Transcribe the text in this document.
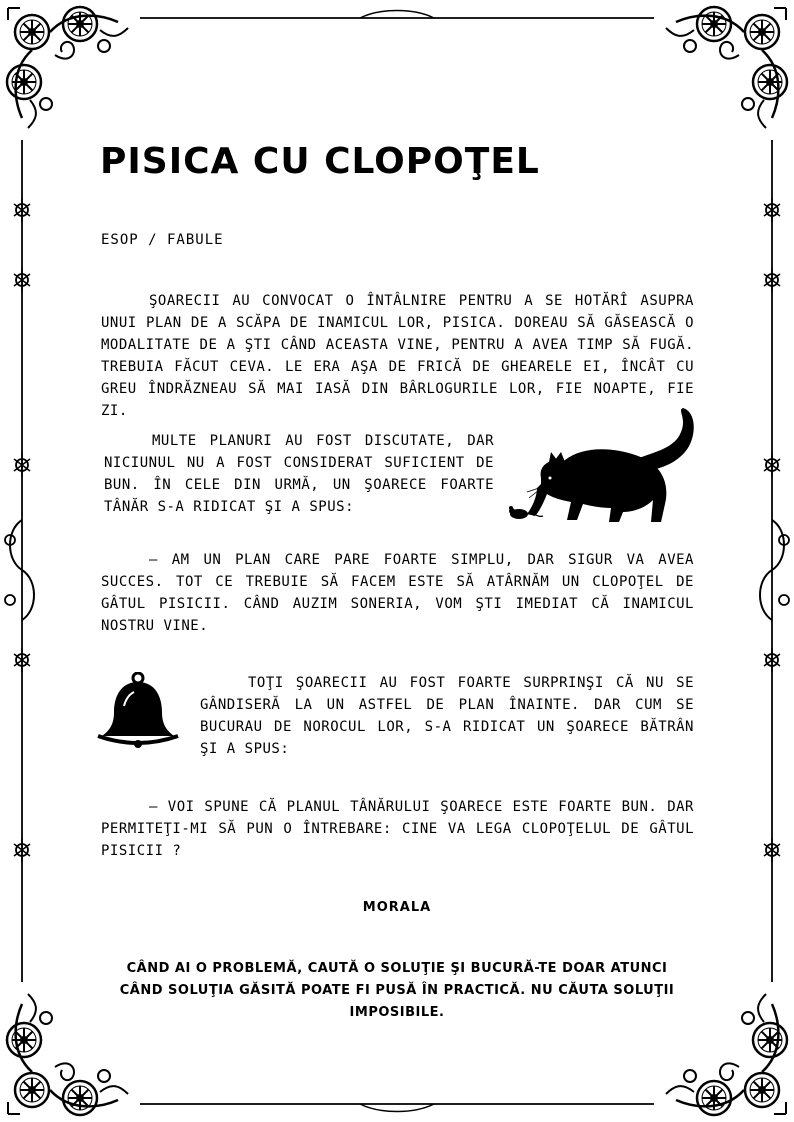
PISICA CU CLOPOŢEL
ESOP / FABULE

ŞOARECII AU CONVOCAT O ÎNTÂLNIRE PENTRU A SE HOTĂRÎ ASUPRA UNUI PLAN DE A SCĂPA DE INAMICUL LOR, PISICA. DOREAU SĂ GĂSEASCĂ O MODALITATE DE A ŞTI CÂND ACEASTA VINE, PENTRU A AVEA TIMP SĂ FUGĂ. TREBUIA FĂCUT CEVA. LE ERA AŞA DE FRICĂ DE GHEARELE EI, ÎNCÂT CU GREU ÎNDRĂZNEAU SĂ MAI IASĂ DIN BÂRLOGURILE LOR, FIE NOAPTE, FIE ZI.

MULTE PLANURI AU FOST DISCUTATE, DAR NICIUNUL NU A FOST CONSIDERAT SUFICIENT DE BUN. ÎN CELE DIN URMĂ, UN ŞOARECE FOARTE TÂNĂR S-A RIDICAT ŞI A SPUS:

– AM UN PLAN CARE PARE FOARTE SIMPLU, DAR SIGUR VA AVEA SUCCES. TOT CE TREBUIE SĂ FACEM ESTE SĂ ATÂRNĂM UN CLOPOŢEL DE GÂTUL PISICII. CÂND AUZIM SONERIA, VOM ŞTI IMEDIAT CĂ INAMICUL NOSTRU VINE.

TOŢI ŞOARECII AU FOST FOARTE SURPRINŞI CĂ NU SE GÂNDISERĂ LA UN ASTFEL DE PLAN ÎNAINTE. DAR CUM SE BUCURAU DE NOROCUL LOR, S-A RIDICAT UN ŞOARECE BĂTRÂN ŞI A SPUS:

– VOI SPUNE CĂ PLANUL TÂNĂRULUI ŞOARECE ESTE FOARTE BUN. DAR PERMITEŢI-MI SĂ PUN O ÎNTREBARE: CINE VA LEGA CLOPOŢELUL DE GÂTUL PISICII ?

MORALA
CÂND AI O PROBLEMĂ, CAUTĂ O SOLUŢIE ŞI BUCURĂ-TE DOAR ATUNCI CÂND SOLUŢIA GĂSITĂ POATE FI PUSĂ ÎN PRACTICĂ. NU CĂUTA SOLUŢII IMPOSIBILE.
